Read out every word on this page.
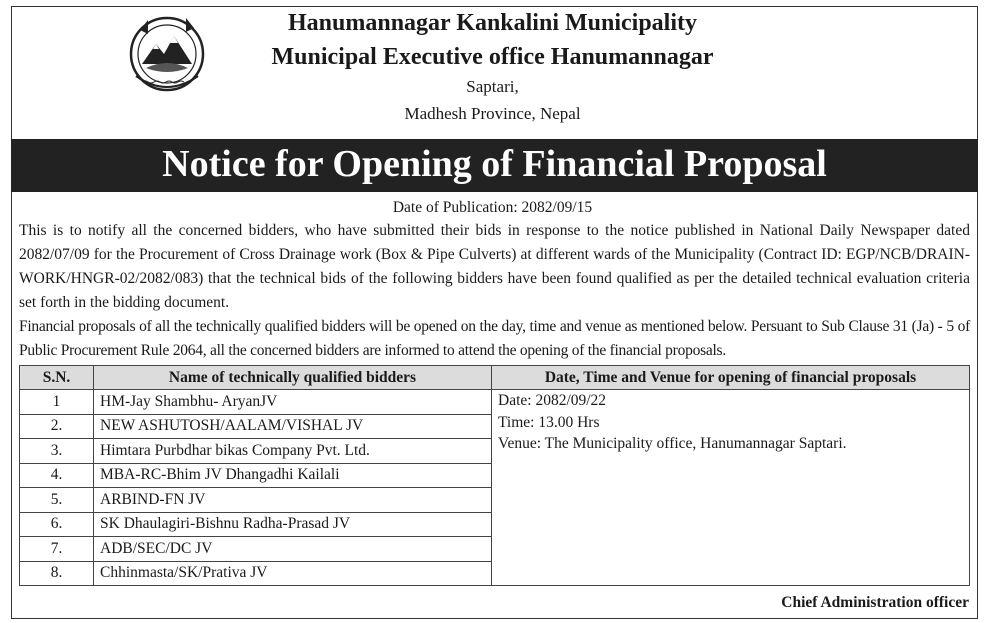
Hanumannagar Kankalini Municipality
Municipal Executive office Hanumannagar
Saptari,
Madhesh Province, Nepal
Notice for Opening of Financial Proposal
Date of Publication: 2082/09/15
This is to notify all the concerned bidders, who have submitted their bids in response to the notice published in National Daily Newspaper dated 2082/07/09 for the Procurement of Cross Drainage work (Box & Pipe Culverts) at different wards of the Municipality (Contract ID: EGP/NCB/DRAIN-WORK/HNGR-02/2082/083) that the technical bids of the following bidders have been found qualified as per the detailed technical evaluation criteria set forth in the bidding document.
Financial proposals of all the technically qualified bidders will be opened on the day, time and venue as mentioned below. Persuant to Sub Clause 31 (Ja) - 5 of Public Procurement Rule 2064, all the concerned bidders are informed to attend the opening of the financial proposals.
S.N.	Name of technically qualified bidders	Date, Time and Venue for opening of financial proposals
1	HM-Jay Shambhu- AryanJV	Date: 2082/09/22
Time: 13.00 Hrs
Venue: The Municipality office, Hanumannagar Saptari.

2.	NEW ASHUTOSH/AALAM/VISHAL JV	
3.	Himtara Purbdhar bikas Company Pvt. Ltd.	
4.	MBA-RC-Bhim JV Dhangadhi Kailali	
5.	ARBIND-FN JV	
6.	SK Dhaulagiri-Bishnu Radha-Prasad JV	
7.	ADB/SEC/DC JV	
8.	Chhinmasta/SK/Prativa JV	
Chief Administration officer
